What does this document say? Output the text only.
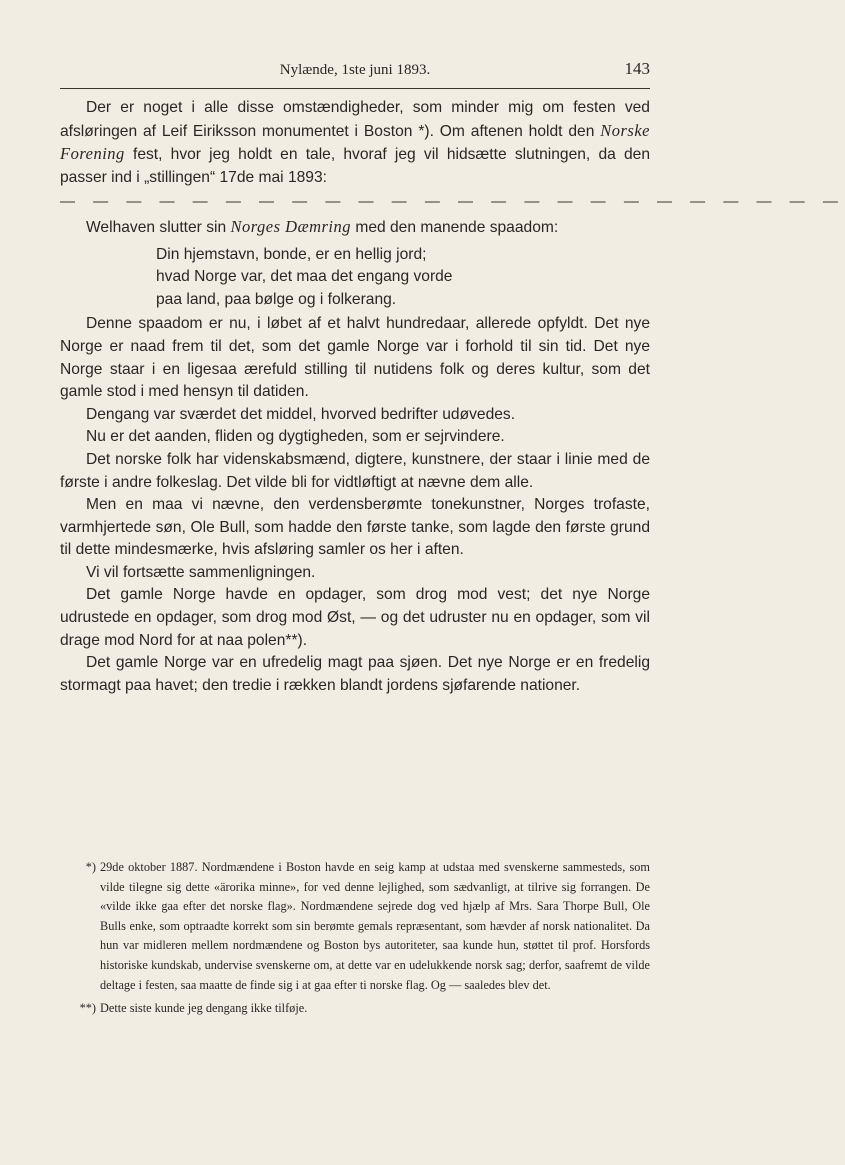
Nylænde, 1ste juni 1893.	143

Der er noget i alle disse omstændigheder, som minder mig om festen ved afsløringen af Leif Eiriksson monumentet i Boston *). Om aftenen holdt den Norske Forening fest, hvor jeg holdt en tale, hvoraf jeg vil hidsætte slutningen, da den passer ind i „stillingen“ 17de mai 1893:

— — — — — — — — — — — — — — — — — — — — — — — —

Welhaven slutter sin Norges Dæmring med den manende spaadom:

Din hjemstavn, bonde, er en hellig jord;
hvad Norge var, det maa det engang vorde
paa land, paa bølge og i folkerang.

Denne spaadom er nu, i løbet af et halvt hundredaar, allerede opfyldt. Det nye Norge er naad frem til det, som det gamle Norge var i forhold til sin tid. Det nye Norge staar i en ligesaa ærefuld stilling til nutidens folk og deres kultur, som det gamle stod i med hensyn til datiden.

Dengang var sværdet det middel, hvorved bedrifter udøvedes.

Nu er det aanden, fliden og dygtigheden, som er sejrvindere.

Det norske folk har videnskabsmænd, digtere, kunstnere, der staar i linie med de første i andre folkeslag. Det vilde bli for vidtløftigt at nævne dem alle.

Men en maa vi nævne, den verdensberømte tonekunstner, Norges trofaste, varmhjertede søn, Ole Bull, som hadde den første tanke, som lagde den første grund til dette mindesmærke, hvis afsløring samler os her i aften.

Vi vil fortsætte sammenligningen.

Det gamle Norge havde en opdager, som drog mod vest; det nye Norge udrustede en opdager, som drog mod Øst, — og det udruster nu en opdager, som vil drage mod Nord for at naa polen**).

Det gamle Norge var en ufredelig magt paa sjøen. Det nye Norge er en fredelig stormagt paa havet; den tredie i rækken blandt jordens sjøfarende nationer.

*) 29de oktober 1887. Nordmændene i Boston havde en seig kamp at udstaa med svenskerne sammesteds, som vilde tilegne sig dette «ärorika minne», for ved denne lejlighed, som sædvanligt, at tilrive sig forrangen. De «vilde ikke gaa efter det norske flag». Nordmændene sejrede dog ved hjælp af Mrs. Sara Thorpe Bull, Ole Bulls enke, som optraadte korrekt som sin berømte gemals repræsentant, som hævder af norsk nationalitet. Da hun var midleren mellem nordmændene og Boston bys autoriteter, saa kunde hun, støttet til prof. Horsfords historiske kundskab, undervise svenskerne om, at dette var en udelukkende norsk sag; derfor, saafremt de vilde deltage i festen, saa maatte de finde sig i at gaa efter ti norske flag. Og — saaledes blev det.
**) Dette siste kunde jeg dengang ikke tilføje.
